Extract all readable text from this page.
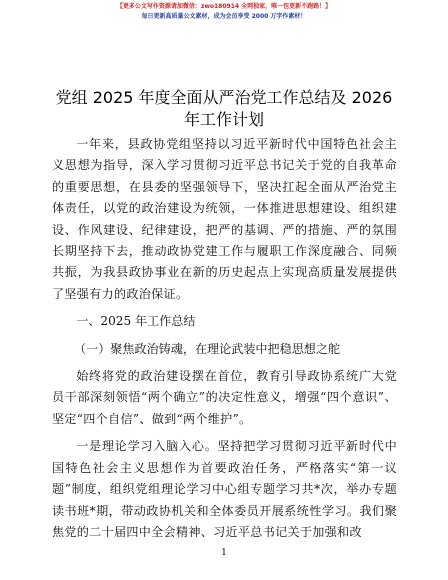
【更多公文写作资源请加微信：zwo180914 全网独家，唯一包更新不跑路！】
每日更新高质量公文素材，成为会员享受 2000 万字作素材！
党组 2025 年度全面从严治党工作总结及 2026
年工作计划

一年来，县政协党组坚持以习近平新时代中国特色社会主义思想为指导，深入学习贯彻习近平总书记关于党的自我革命的重要思想，在县委的坚强领导下，坚决扛起全面从严治党主体责任，以党的政治建设为统领，一体推进思想建设、组织建设、作风建设、纪律建设，把严的基调、严的措施、严的氛围长期坚持下去，推动政协党建工作与履职工作深度融合、同频共振，为我县政协事业在新的历史起点上实现高质量发展提供了坚强有力的政治保证。

一、2025 年工作总结

（一）聚焦政治铸魂，在理论武装中把稳思想之舵

始终将党的政治建设摆在首位，教育引导政协系统广大党员干部深刻领悟“两个确立”的决定性意义，增强“四个意识”、坚定“四个自信”、做到“两个维护”。

一是理论学习入脑入心。坚持把学习贯彻习近平新时代中国特色社会主义思想作为首要政治任务，严格落实“第一议题”制度，组织党组理论学习中心组专题学习共*次，举办专题读书班*期，带动政协机关和全体委员开展系统性学习。我们聚焦党的二十届四中全会精神、习近平总书记关于加强和改

1
